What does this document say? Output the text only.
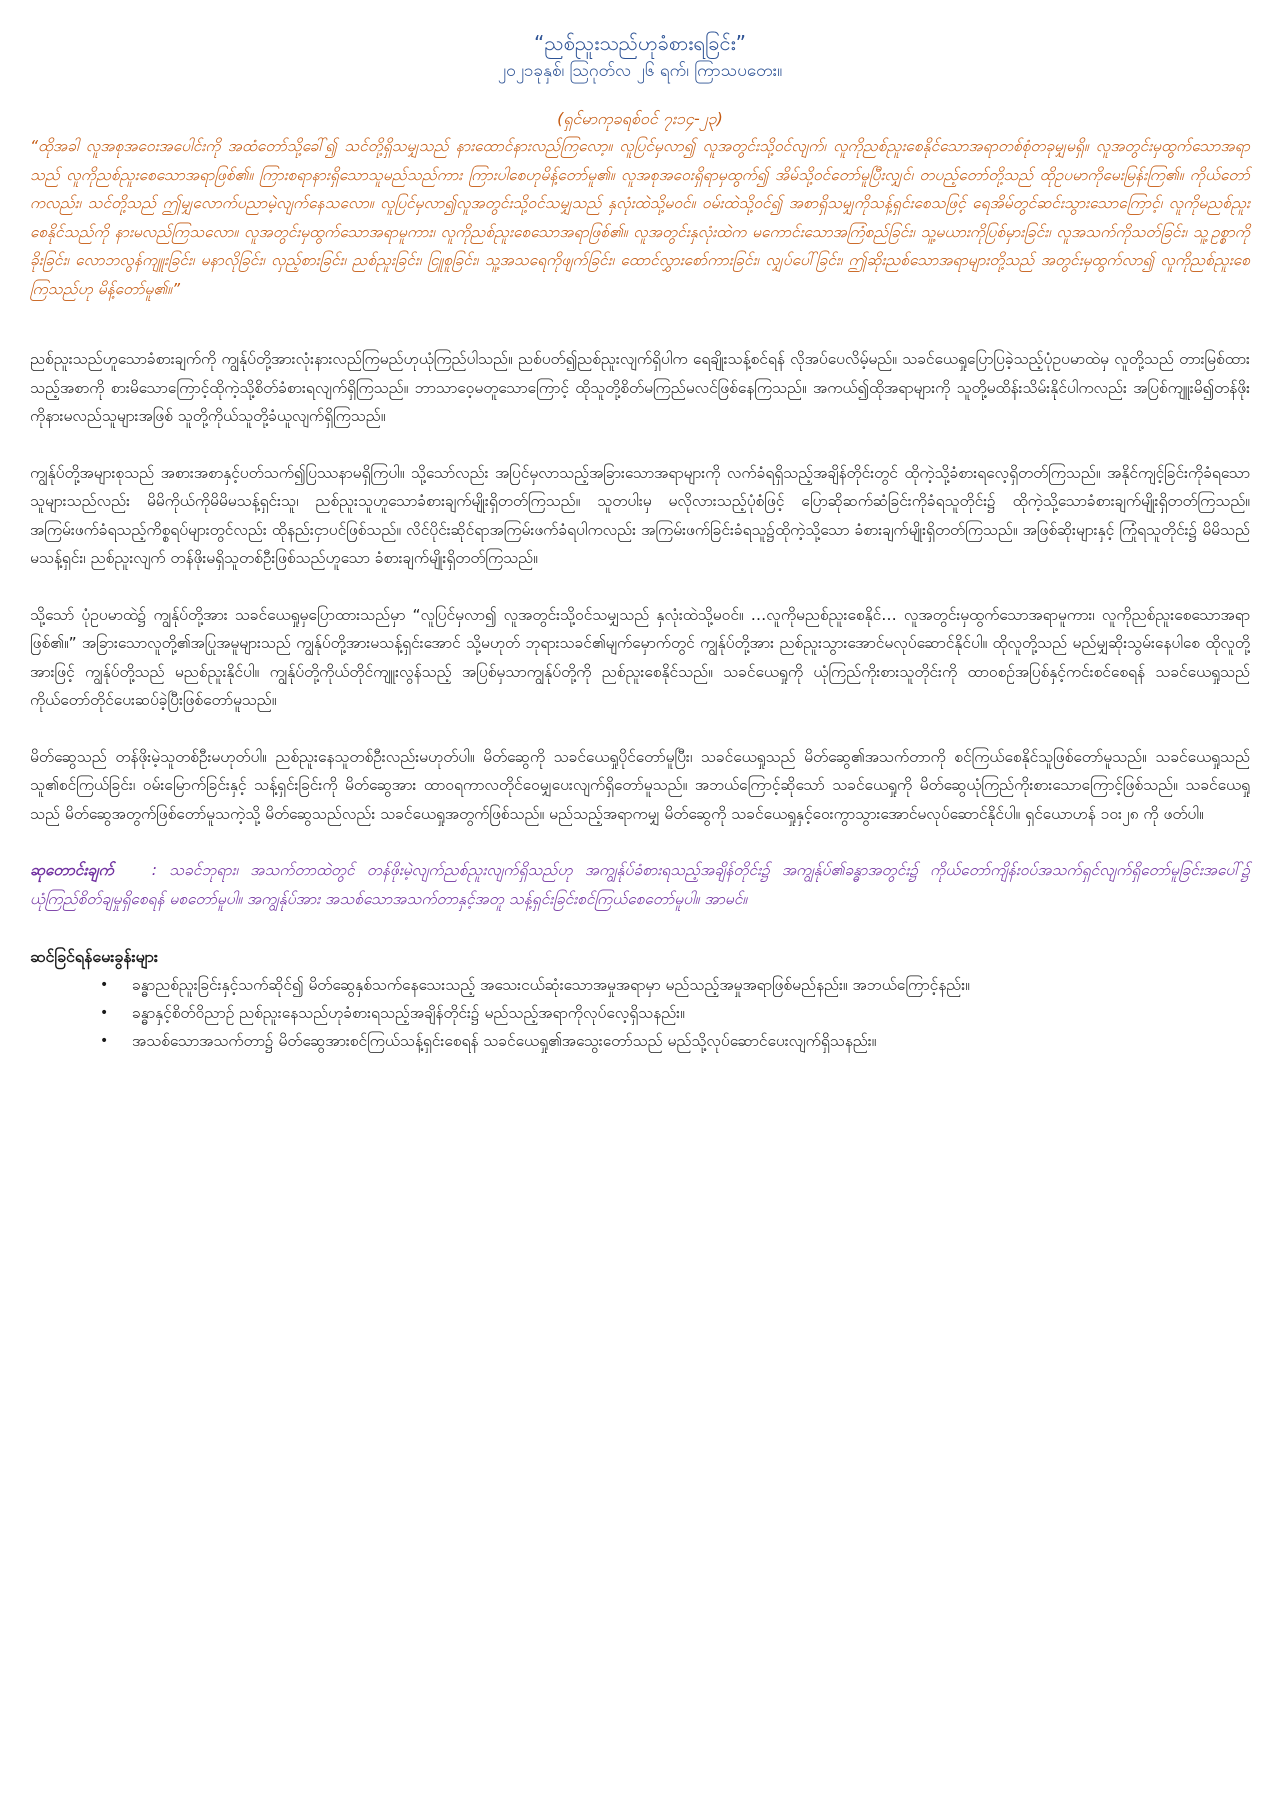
“ညစ်ညူးသည်ဟုခံစားရခြင်း”
၂၀၂၁ခုနှစ်၊ ဩဂုတ်လ ၂၆ ရက်၊ ကြာသပတေး။
(ရှင်မာကုခရစ်ဝင် ၇း၁၄-၂၃)

“ထိုအခါ လူအစုအဝေးအပေါင်းကို အထံတော်သို့ခေါ်၍ သင်တို့ရှိသမျှသည် နားထောင်နားလည်ကြလော့။ လူပြင်မှလာ၍ လူအတွင်းသို့ဝင်လျက်၊ လူကိုညစ်ညူးစေနိုင်သောအရာတစ်စုံတခုမျှမရှိ။ လူအတွင်းမှထွက်သောအရာသည် လူကိုညစ်ညူးစေသောအရာဖြစ်၏။ ကြားစရာနားရှိသောသူမည်သည်ကား ကြားပါစေဟုမိန့်တော်မူ၏။ လူအစုအဝေးရှိရာမှထွက်၍ အိမ်သို့ဝင်တော်မူပြီးလျှင်၊ တပည့်တော်တို့သည် ထိုဥပမာကိုမေးမြန်းကြ၏။ ကိုယ်တော်ကလည်း၊ သင်တို့သည် ဤမျှလောက်ပညာမဲ့လျက်နေသလော။ လူပြင်မှလာ၍လူအတွင်းသို့ဝင်သမျှသည် နှလုံးထဲသို့မဝင်။ ဝမ်းထဲသို့ဝင်၍ အစာရှိသမျှကိုသန့်ရှင်းစေသဖြင့် ရေအိမ်တွင်ဆင်းသွားသောကြောင့်၊ လူကိုမညစ်ညူးစေနိုင်သည်ကို နားမလည်ကြသလော။ လူအတွင်းမှထွက်သောအရာမူကား၊ လူကိုညစ်ညူးစေသောအရာဖြစ်၏။ လူအတွင်းနှလုံးထဲက မကောင်းသောအကြံစည်ခြင်း၊ သူ့မယားကိုပြစ်မှားခြင်း၊ လူအသက်ကိုသတ်ခြင်း၊ သူ့ဥစ္စာကိုခိုးခြင်း၊ လောဘလွန်ကျူးခြင်း၊ မနာလိုခြင်း၊ လှည့်စားခြင်း၊ ညစ်ညူးခြင်း၊ ငြူစူခြင်း၊ သူ့အသရေကိုဖျက်ခြင်း၊ ထောင်လွှားစော်ကားခြင်း၊ လျှပ်ပေါ်ခြင်း၊ ဤဆိုးညစ်သောအရာများတို့သည် အတွင်းမှထွက်လာ၍ လူကိုညစ်ညူးစေကြသည်ဟု မိန့်တော်မူ၏။”

ညစ်ညူးသည်ဟူသောခံစားချက်ကို ကျွန်ုပ်တို့အားလုံးနားလည်ကြမည်ဟုယုံကြည်ပါသည်။ ညစ်ပတ်၍ညစ်ညူးလျက်ရှိပါက ရေချိုးသန့်စင်ရန် လိုအပ်ပေလိမ့်မည်။ သခင်ယေရှုပြောပြခဲ့သည့်ပုံဥပမာထဲမှ လူတို့သည် တားမြစ်ထားသည့်အစာကို စားမိသောကြောင့်ထိုကဲ့သို့စိတ်ခံစားရလျက်ရှိကြသည်။ ဘာသာဝေ့မတူသောကြောင့် ထိုသူတို့စိတ်မကြည်မလင်ဖြစ်နေကြသည်။ အကယ်၍ထိုအရာများကို သူတို့မထိန်းသိမ်းနိုင်ပါကလည်း အပြစ်ကျူးမိ၍တန်ဖိုးကိုနားမလည်သူများအဖြစ် သူတို့ကိုယ်သူတို့ခံယူလျက်ရှိကြသည်။

ကျွန်ုပ်တို့အများစုသည် အစားအစာနှင့်ပတ်သက်၍ပြဿနာမရှိကြပါ။ သို့သော်လည်း အပြင်မှလာသည့်အခြားသောအရာများကို လက်ခံရရှိသည့်အချိန်တိုင်းတွင် ထိုကဲ့သို့ခံစားရလေ့ရှိတတ်ကြသည်။ အနိုင်ကျင့်ခြင်းကိုခံရသောသူများသည်လည်း မိမိကိုယ်ကိုမိမိမသန့်ရှင်းသူ၊ ညစ်ညူးသူဟူသောခံစားချက်မျိုးရှိတတ်ကြသည်။ သူတပါးမှ မလိုလားသည့်ပုံစံဖြင့် ပြောဆိုဆက်ဆံခြင်းကိုခံရသူတိုင်း၌ ထိုကဲ့သို့သောခံစားချက်မျိုးရှိတတ်ကြသည်။ အကြမ်းဖက်ခံရသည့်ကိစ္စရပ်များတွင်လည်း ထိုနည်းငှာပင်ဖြစ်သည်။ လိင်ပိုင်းဆိုင်ရာအကြမ်းဖက်ခံရပါကလည်း အကြမ်းဖက်ခြင်းခံရသူ၌ထိုကဲ့သို့သော ခံစားချက်မျိုးရှိတတ်ကြသည်။ အဖြစ်ဆိုးများနှင့် ကြုံရသူတိုင်း၌ မိမိသည် မသန့်ရှင်း၊ ညစ်ညူးလျက် တန်ဖိုးမရှိသူတစ်ဦးဖြစ်သည်ဟူသော ခံစားချက်မျိုးရှိတတ်ကြသည်။

သို့သော် ပုံဥပမာထဲ၌ ကျွန်ုပ်တို့အား သခင်ယေရှုမှပြောထားသည်မှာ “လူပြင်မှလာ၍ လူအတွင်းသို့ဝင်သမျှသည် နှလုံးထဲသို့မဝင်။ …လူကိုမညစ်ညူးစေနိုင်… လူအတွင်းမှထွက်သောအရာမူကား၊ လူကိုညစ်ညူးစေသောအရာဖြစ်၏။” အခြားသောလူတို့၏အပြုအမူများသည် ကျွန်ုပ်တို့အားမသန့်ရှင်းအောင် သို့မဟုတ် ဘုရားသခင်၏မျက်မှောက်တွင် ကျွန်ုပ်တို့အား ညစ်ညူးသွားအောင်မလုပ်ဆောင်နိုင်ပါ။ ထိုလူတို့သည် မည်မျှဆိုးသွမ်းနေပါစေ ထိုလူတို့အားဖြင့် ကျွန်ုပ်တို့သည် မညစ်ညူးနိုင်ပါ။ ကျွန်ုပ်တို့ကိုယ်တိုင်ကျူးလွန်သည့် အပြစ်မှသာကျွန်ုပ်တို့ကို ညစ်ညူးစေနိုင်သည်။ သခင်ယေရှုကို ယုံကြည်ကိုးစားသူတိုင်းကို ထာဝစဉ်အပြစ်နှင့်ကင်းစင်စေရန် သခင်ယေရှုသည် ကိုယ်တော်တိုင်ပေးဆပ်ခဲ့ပြီးဖြစ်တော်မူသည်။

မိတ်ဆွေသည် တန်ဖိုးမဲ့သူတစ်ဦးမဟုတ်ပါ။ ညစ်ညူးနေသူတစ်ဦးလည်းမဟုတ်ပါ။ မိတ်ဆွေကို သခင်ယေရှုပိုင်တော်မူပြီး၊ သခင်ယေရှုသည် မိတ်ဆွေ၏အသက်တာကို စင်ကြယ်စေနိုင်သူဖြစ်တော်မူသည်။ သခင်ယေရှုသည် သူ၏စင်ကြယ်ခြင်း၊ ဝမ်းမြောက်ခြင်းနှင့် သန့်ရှင်းခြင်းကို မိတ်ဆွေအား ထာဝရကာလတိုင်ဝေမျှပေးလျက်ရှိတော်မူသည်။ အဘယ်ကြောင့်ဆိုသော် သခင်ယေရှုကို မိတ်ဆွေယုံကြည်ကိုးစားသောကြောင့်ဖြစ်သည်။ သခင်ယေရှုသည် မိတ်ဆွေအတွက်ဖြစ်တော်မူသကဲ့သို့ မိတ်ဆွေသည်လည်း သခင်ယေရှုအတွက်ဖြစ်သည်။ မည်သည့်အရာကမျှ မိတ်ဆွေကို သခင်ယေရှုနှင့်ဝေးကွာသွားအောင်မလုပ်ဆောင်နိုင်ပါ။ ရှင်ယောဟန် ၁၀း၂၈ ကို ဖတ်ပါ။

ဆုတောင်းချက် : သခင်ဘုရား၊ အသက်တာထဲတွင် တန်ဖိုးမဲ့လျက်ညစ်ညူးလျက်ရှိသည်ဟု အကျွန်ုပ်ခံစားရသည့်အချိန်တိုင်း၌ အကျွန်ုပ်၏ခန္ဓာအတွင်း၌ ကိုယ်တော်ကျိန်းဝပ်အသက်ရှင်လျက်ရှိတော်မူခြင်းအပေါ်၌ ယုံကြည်စိတ်ချမှုရှိစေရန် မစတော်မူပါ။ အကျွန်ုပ်အား အသစ်သောအသက်တာနှင့်အတူ သန့်ရှင်းခြင်းစင်ကြယ်စေတော်မူပါ။ အာမင်။

ဆင်ခြင်ရန်မေးခွန်းများ
• ခန္ဓာညစ်ညူးခြင်းနှင့်သက်ဆိုင်၍ မိတ်ဆွေနှစ်သက်နေသေးသည့် အသေးငယ်ဆုံးသောအမှုအရာမှာ မည်သည့်အမှုအရာဖြစ်မည်နည်း။ အဘယ်ကြောင့်နည်း။
• ခန္ဓာနှင့်စိတ်ဝိညာဉ် ညစ်ညူးနေသည်ဟုခံစားရသည့်အချိန်တိုင်း၌ မည်သည့်အရာကိုလုပ်လေ့ရှိသနည်း။
• အသစ်သောအသက်တာ၌ မိတ်ဆွေအားစင်ကြယ်သန့်ရှင်းစေရန် သခင်ယေရှု၏အသွေးတော်သည် မည်သို့လုပ်ဆောင်ပေးလျက်ရှိသနည်း။
